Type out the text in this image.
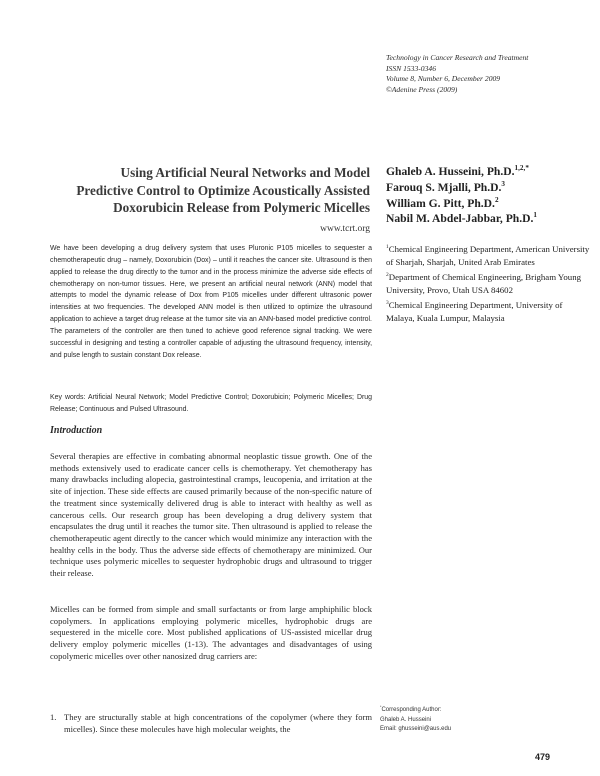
Technology in Cancer Research and Treatment
ISSN 1533-0346
Volume 8, Number 6, December 2009
©Adenine Press (2009)
Using Artificial Neural Networks and Model
Predictive Control to Optimize Acoustically Assisted
Doxorubicin Release from Polymeric Micelles
www.tcrt.org
Ghaleb A. Husseini, Ph.D.$^{1,2,*}$
Farouq S. Mjalli, Ph.D.$^3$
William G. Pitt, Ph.D.$^2$
Nabil M. Abdel-Jabbar, Ph.D.$^1$

$^1$Chemical Engineering Department, American University of Sharjah, Sharjah, United Arab Emirates

$^2$Department of Chemical Engineering, Brigham Young University, Provo, Utah USA 84602

$^3$Chemical Engineering Department, University of Malaya, Kuala Lumpur, Malaysia

We have been developing a drug delivery system that uses Pluronic P105 micelles to sequester a chemotherapeutic drug – namely, Doxorubicin (Dox) – until it reaches the cancer site. Ultrasound is then applied to release the drug directly to the tumor and in the process minimize the adverse side effects of chemotherapy on non-tumor tissues. Here, we present an artificial neural network (ANN) model that attempts to model the dynamic release of Dox from P105 micelles under different ultrasonic power intensities at two frequencies. The developed ANN model is then utilized to optimize the ultrasound application to achieve a target drug release at the tumor site via an ANN-based model predictive control. The parameters of the controller are then tuned to achieve good reference signal tracking. We were successful in designing and testing a controller capable of adjusting the ultrasound frequency, intensity, and pulse length to sustain constant Dox release.
Key words: Artificial Neural Network; Model Predictive Control; Doxorubicin; Polymeric Micelles; Drug Release; Continuous and Pulsed Ultrasound.
Introduction
Several therapies are effective in combating abnormal neoplastic tissue growth. One of the methods extensively used to eradicate cancer cells is chemotherapy. Yet chemotherapy has many drawbacks including alopecia, gastrointestinal cramps, leucopenia, and irritation at the site of injection. These side effects are caused primarily because of the non-specific nature of the treatment since systemically delivered drug is able to interact with healthy as well as cancerous cells. Our research group has been developing a drug delivery system that encapsulates the drug until it reaches the tumor site. Then ultrasound is applied to release the chemotherapeutic agent directly to the cancer which would minimize any interaction with the healthy cells in the body. Thus the adverse side effects of chemotherapy are minimized. Our technique uses polymeric micelles to sequester hydrophobic drugs and ultrasound to trigger their release.
Micelles can be formed from simple and small surfactants or from large amphiphilic block copolymers. In applications employing polymeric micelles, hydrophobic drugs are sequestered in the micelle core. Most published applications of US-assisted micellar drug delivery employ polymeric micelles (1-13). The advantages and disadvantages of using copolymeric micelles over other nanosized drug carriers are:
1. They are structurally stable at high concentrations of the copolymer (where they form micelles). Since these molecules have high molecular weights, the
*Corresponding Author:
Ghaleb A. Husseini
Email: ghusseini@aus.edu
479
